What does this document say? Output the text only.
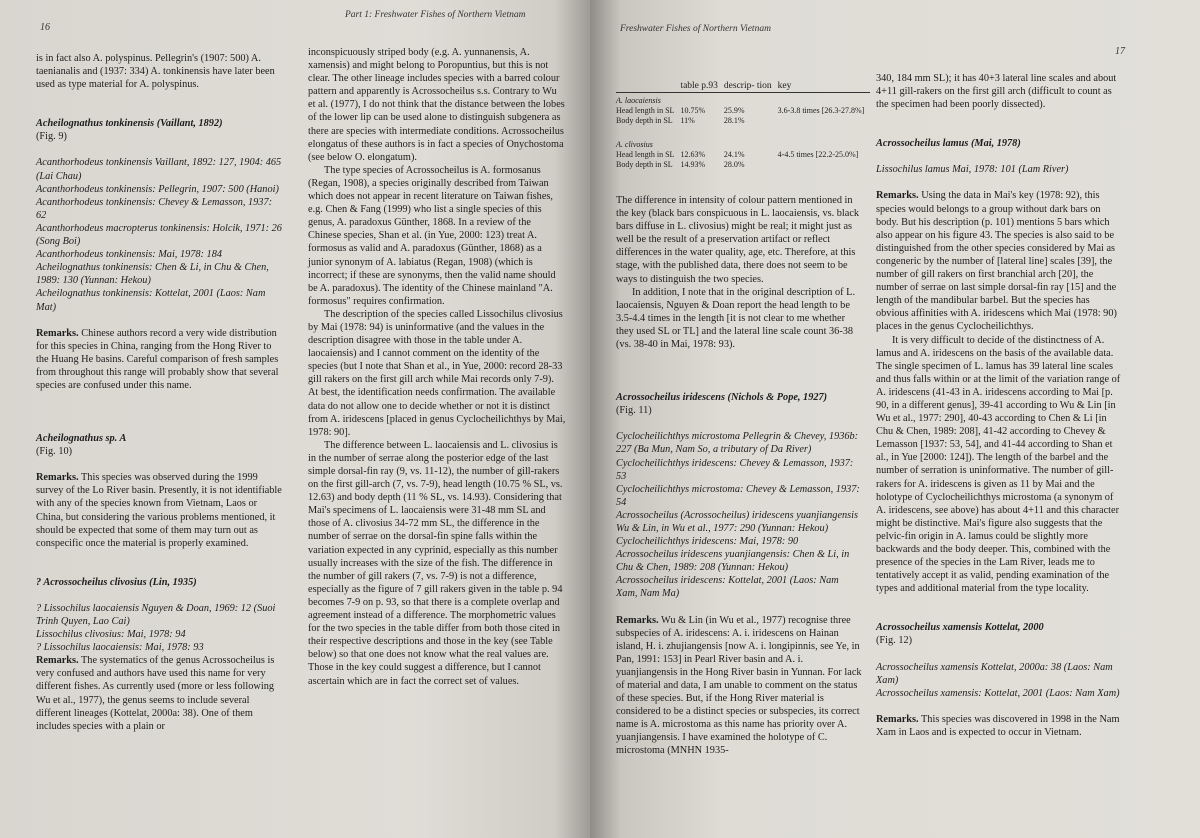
16
Part 1: Freshwater Fishes of Northern Vietnam

is in fact also A. polyspinus. Pellegrin's (1907: 500) A. taenianalis and (1937: 334) A. tonkinensis have later been used as type material for A. polyspinus.

Acheilognathus tonkinensis (Vaillant, 1892)

(Fig. 9)

Acanthorhodeus tonkinensis Vaillant, 1892: 127, 1904: 465 (Lai Chau)

Acanthorhodeus tonkinensis: Pellegrin, 1907: 500 (Hanoi)

Acanthorhodeus tonkinensis: Chevey & Lemasson, 1937: 62

Acanthorhodeus macropterus tonkinensis: Holcik, 1971: 26 (Song Boi)

Acanthorhodeus tonkinensis: Mai, 1978: 184

Acheilognathus tonkinensis: Chen & Li, in Chu & Chen, 1989: 130 (Yunnan: Hekou)

Acheilognathus tonkinensis: Kottelat, 2001 (Laos: Nam Mat)

Remarks. Chinese authors record a very wide distribution for this species in China, ranging from the Hong River to the Huang He basins. Careful comparison of fresh samples from throughout this range will probably show that several species are confused under this name.

Acheilognathus sp. A

(Fig. 10)

Remarks. This species was observed during the 1999 survey of the Lo River basin. Presently, it is not identifiable with any of the species known from Vietnam, Laos or China, but considering the various problems mentioned, it should be expected that some of them may turn out as conspecific once the material is properly examined.

? Acrossocheilus clivosius (Lin, 1935)

? Lissochilus laocaiensis Nguyen & Doan, 1969: 12 (Suoi Trinh Quyen, Lao Cai)

Lissochilus clivosius: Mai, 1978: 94

? Lissochilus laocaiensis: Mai, 1978: 93

Remarks. The systematics of the genus Acrossocheilus is very confused and authors have used this name for very different fishes. As currently used (more or less following Wu et al., 1977), the genus seems to include several different lineages (Kottelat, 2000a: 38). One of them includes species with a plain or

inconspicuously striped body (e.g. A. yunnanensis, A. xamensis) and might belong to Poropuntius, but this is not clear. The other lineage includes species with a barred colour pattern and apparently is Acrossocheilus s.s. Contrary to Wu et al. (1977), I do not think that the distance between the lobes of the lower lip can be used alone to distinguish subgenera as there are species with intermediate conditions. Acrossocheilus elongatus of these authors is in fact a species of Onychostoma (see below O. elongatum).

The type species of Acrossocheilus is A. formosanus (Regan, 1908), a species originally described from Taiwan which does not appear in recent literature on Taiwan fishes, e.g. Chen & Fang (1999) who list a single species of this genus, A. paradoxus Günther, 1868. In a review of the Chinese species, Shan et al. (in Yue, 2000: 123) treat A. formosus as valid and A. paradoxus (Günther, 1868) as a junior synonym of A. labiatus (Regan, 1908) (which is incorrect; if these are synonyms, then the valid name should be A. paradoxus). The identity of the Chinese mainland "A. formosus" requires confirmation.

The description of the species called Lissochilus clivosius by Mai (1978: 94) is uninformative (and the values in the description disagree with those in the table under A. laocaiensis) and I cannot comment on the identity of the species (but I note that Shan et al., in Yue, 2000: record 28-33 gill rakers on the first gill arch while Mai records only 7-9). At best, the identification needs confirmation. The available data do not allow one to decide whether or not it is distinct from A. iridescens [placed in genus Cyclocheilichthys by Mai, 1978: 90].

The difference between L. laocaiensis and L. clivosius is in the number of serrae along the posterior edge of the last simple dorsal-fin ray (9, vs. 11-12), the number of gill-rakers on the first gill-arch (7, vs. 7-9), head length (10.75 % SL, vs. 12.63) and body depth (11 % SL, vs. 14.93). Considering that Mai's specimens of L. laocaiensis were 31-48 mm SL and those of A. clivosius 34-72 mm SL, the difference in the number of serrae on the dorsal-fin spine falls within the variation expected in any cyprinid, especially as this number usually increases with the size of the fish. The difference in the number of gill rakers (7, vs. 7-9) is not a difference, especially as the figure of 7 gill rakers given in the table p. 94 becomes 7-9 on p. 93, so that there is a complete overlap and agreement instead of a difference. The morphometric values for the two species in the table differ from both those cited in their respective descriptions and those in the key (see Table below) so that one does not know what the real values are. Those in the key could suggest a difference, but I cannot ascertain which are in fact the correct set of values.

Freshwater Fishes of Northern Vietnam
17
	table p.93	descrip- tion	key
A. laocaiensis			
Head length in SL	10.75%	25.9%	3.6-3.8 times [26.3-27.8%]
Body depth in SL	11%	28.1%	
A. clivosius			
Head length in SL	12.63%	24.1%	4-4.5 times [22.2-25.0%]
Body depth in SL	14.93%	28.0%	

The difference in intensity of colour pattern mentioned in the key (black bars conspicuous in L. laocaiensis, vs. black bars diffuse in L. clivosius) might be real; it might just as well be the result of a preservation artifact or reflect differences in the water quality, age, etc. Therefore, at this stage, with the published data, there does not seem to be ways to distinguish the two species.

In addition, I note that in the original description of L. laocaiensis, Nguyen & Doan report the head length to be 3.5-4.4 times in the length [it is not clear to me whether they used SL or TL] and the lateral line scale count 36-38 (vs. 38-40 in Mai, 1978: 93).

Acrossocheilus iridescens (Nichols & Pope, 1927)

(Fig. 11)

Cyclocheilichthys microstoma Pellegrin & Chevey, 1936b: 227 (Ba Mun, Nam So, a tributary of Da River)

Cyclocheilichthys iridescens: Chevey & Lemasson, 1937: 53

Cyclocheilichthys microstoma: Chevey & Lemasson, 1937: 54

Acrossocheilus (Acrossocheilus) iridescens yuanjiangensis Wu & Lin, in Wu et al., 1977: 290 (Yunnan: Hekou)

Cyclocheilichthys iridescens: Mai, 1978: 90

Acrossocheilus iridescens yuanjiangensis: Chen & Li, in Chu & Chen, 1989: 208 (Yunnan: Hekou)

Acrossocheilus iridescens: Kottelat, 2001 (Laos: Nam Xam, Nam Ma)

Remarks. Wu & Lin (in Wu et al., 1977) recognise three subspecies of A. iridescens: A. i. iridescens on Hainan island, H. i. zhujiangensis [now A. i. longipinnis, see Ye, in Pan, 1991: 153] in Pearl River basin and A. i. yuanjiangensis in the Hong River basin in Yunnan. For lack of material and data, I am unable to comment on the status of these species. But, if the Hong River material is considered to be a distinct species or subspecies, its correct name is A. microstoma as this name has priority over A. yuanjiangensis. I have examined the holotype of C. microstoma (MNHN 1935-

340, 184 mm SL); it has 40+3 lateral line scales and about 4+11 gill-rakers on the first gill arch (difficult to count as the specimen had been poorly dissected).

Acrossocheilus lamus (Mai, 1978)

Lissochilus lamus Mai, 1978: 101 (Lam River)

Remarks. Using the data in Mai's key (1978: 92), this species would belongs to a group without dark bars on body. But his description (p. 101) mentions 5 bars which also appear on his figure 43. The species is also said to be distinguished from the other species considered by Mai as congeneric by the number of [lateral line] scales [39], the number of gill rakers on first branchial arch [20], the number of serrae on last simple dorsal-fin ray [15] and the length of the mandibular barbel. But the species has obvious affinities with A. iridescens which Mai (1978: 90) places in the genus Cyclocheilichthys.

It is very difficult to decide of the distinctness of A. lamus and A. iridescens on the basis of the available data. The single specimen of L. lamus has 39 lateral line scales and thus falls within or at the limit of the variation range of A. iridescens (41-43 in A. iridescens according to Mai [p. 90, in a different genus], 39-41 according to Wu & Lin [in Wu et al., 1977: 290], 40-43 according to Chen & Li [in Chu & Chen, 1989: 208], 41-42 according to Chevey & Lemasson [1937: 53, 54], and 41-44 according to Shan et al., in Yue [2000: 124]). The length of the barbel and the number of serration is uninformative. The number of gill-rakers for A. iridescens is given as 11 by Mai and the holotype of Cyclocheilichthys microstoma (a synonym of A. iridescens, see above) has about 4+11 and this character might be distinctive. Mai's figure also suggests that the pelvic-fin origin in A. lamus could be slightly more backwards and the body deeper. This, combined with the presence of the species in the Lam River, leads me to tentatively accept it as valid, pending examination of the types and additional material from the type locality.

Acrossocheilus xamensis Kottelat, 2000

(Fig. 12)

Acrossocheilus xamensis Kottelat, 2000a: 38 (Laos: Nam Xam)

Acrossocheilus xamensis: Kottelat, 2001 (Laos: Nam Xam)

Remarks. This species was discovered in 1998 in the Nam Xam in Laos and is expected to occur in Vietnam.
